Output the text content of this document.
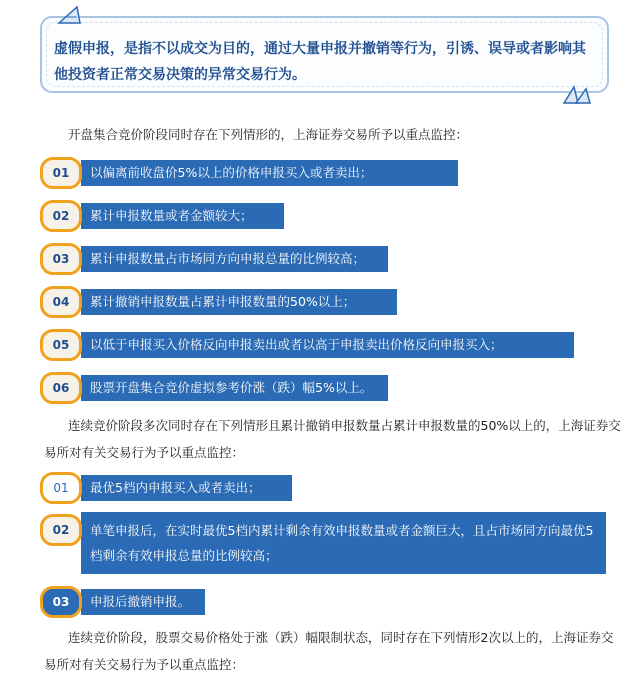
虚假申报，是指不以成交为目的，通过大量申报并撤销等行为，引诱、误导或者影响其他投资者正常交易决策的异常交易行为。
开盘集合竞价阶段同时存在下列情形的，上海证券交易所予以重点监控：
01	以偏离前收盘价5%以上的价格申报买入或者卖出；
02	累计申报数量或者金额较大；
03	累计申报数量占市场同方向申报总量的比例较高；
04	累计撤销申报数量占累计申报数量的50%以上；
05	以低于申报买入价格反向申报卖出或者以高于申报卖出价格反向申报买入；
06	股票开盘集合竞价虚拟参考价涨（跌）幅5%以上。
连续竞价阶段多次同时存在下列情形且累计撤销申报数量占累计申报数量的50%以上的，上海证券交易所对有关交易行为予以重点监控：
01	最优5档内申报买入或者卖出；
02	单笔申报后，在实时最优5档内累计剩余有效申报数量或者金额巨大，且占市场同方向最优5档剩余有效申报总量的比例较高；
03	申报后撤销申报。
连续竞价阶段，股票交易价格处于涨（跌）幅限制状态，同时存在下列情形2次以上的，上海证券交易所对有关交易行为予以重点监控：
